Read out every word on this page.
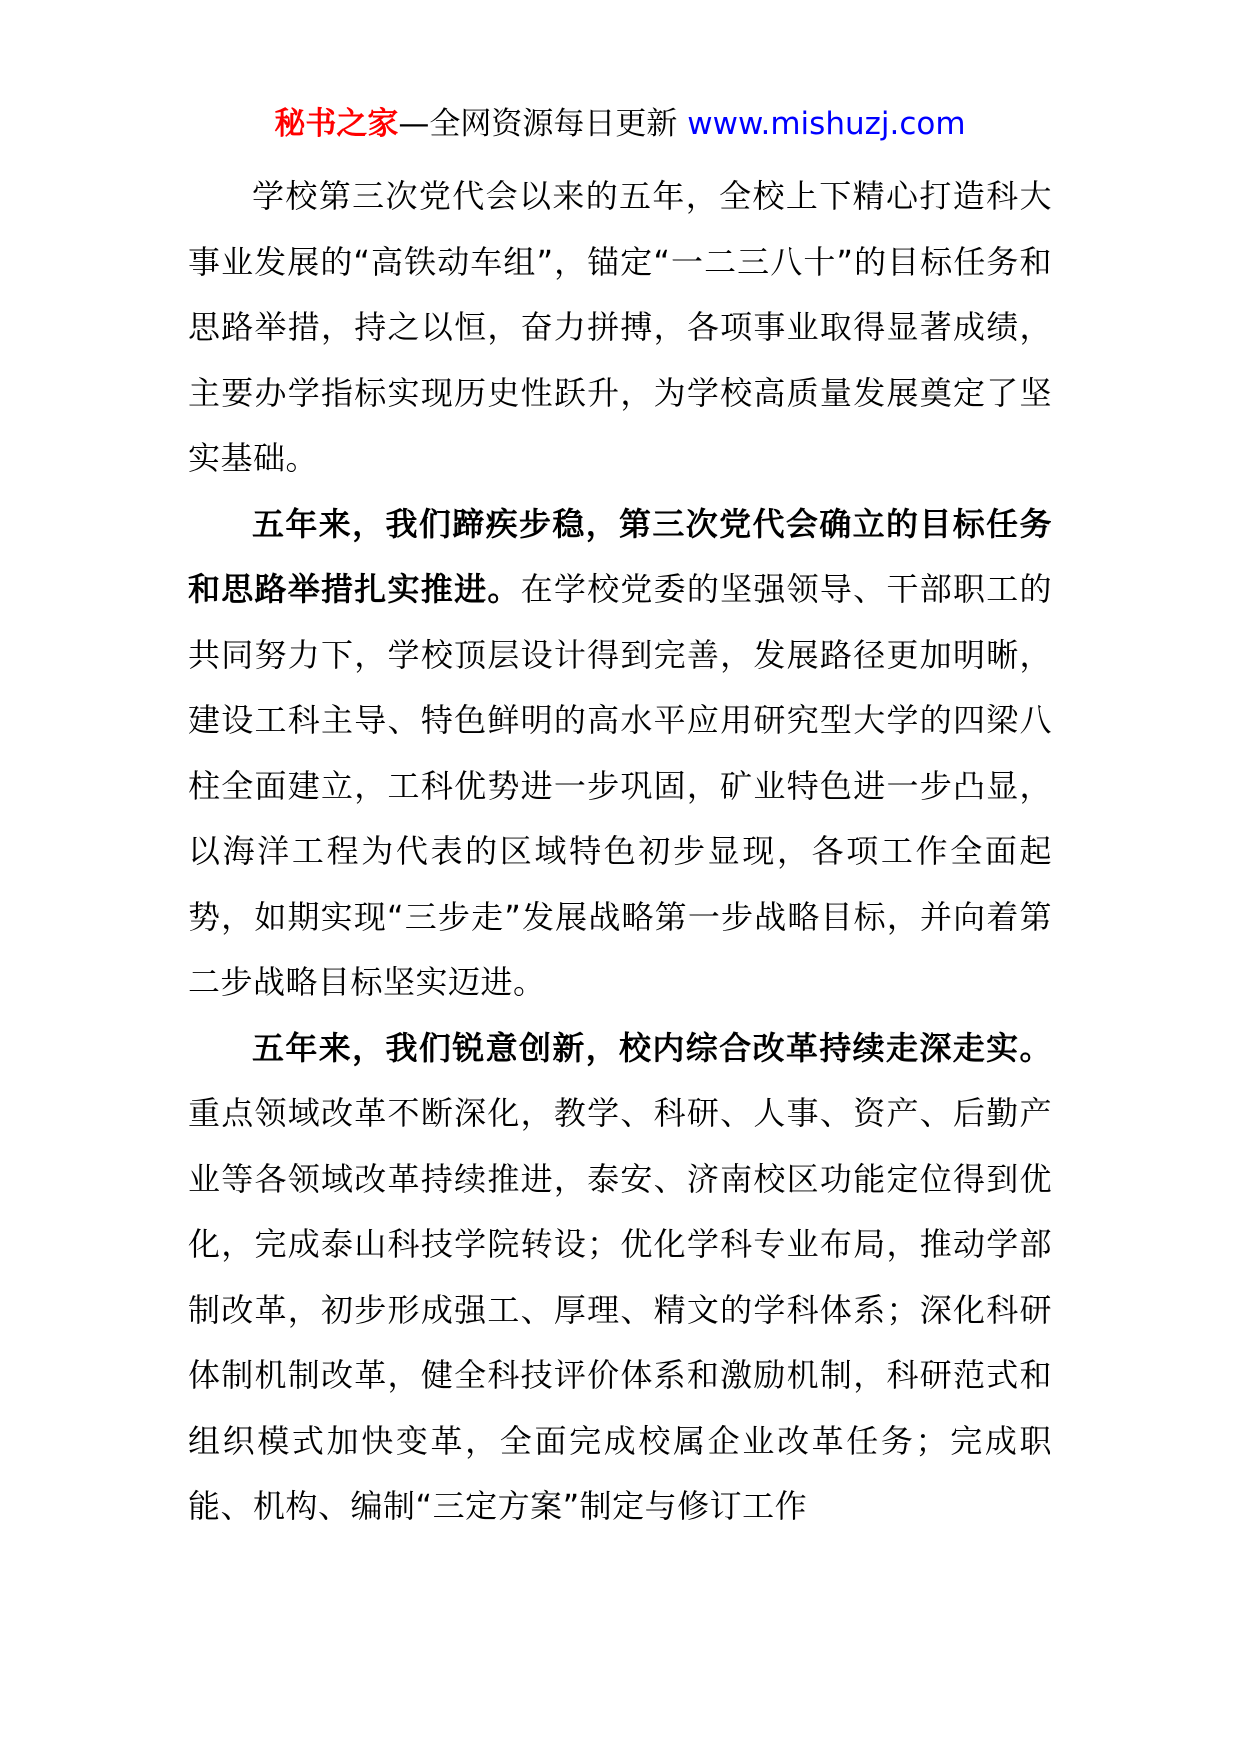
秘书之家—全网资源每日更新 www.mishuzj.com

学校第三次党代会以来的五年，全校上下精心打造科大事业发展的“高铁动车组”，锚定“一二三八十”的目标任务和思路举措，持之以恒，奋力拼搏，各项事业取得显著成绩，主要办学指标实现历史性跃升，为学校高质量发展奠定了坚实基础。

五年来，我们蹄疾步稳，第三次党代会确立的目标任务和思路举措扎实推进。在学校党委的坚强领导、干部职工的共同努力下，学校顶层设计得到完善，发展路径更加明晰，建设工科主导、特色鲜明的高水平应用研究型大学的四梁八柱全面建立，工科优势进一步巩固，矿业特色进一步凸显，以海洋工程为代表的区域特色初步显现，各项工作全面起势，如期实现“三步走”发展战略第一步战略目标，并向着第二步战略目标坚实迈进。

五年来，我们锐意创新，校内综合改革持续走深走实。重点领域改革不断深化，教学、科研、人事、资产、后勤产业等各领域改革持续推进，泰安、济南校区功能定位得到优化，完成泰山科技学院转设；优化学科专业布局，推动学部制改革，初步形成强工、厚理、精文的学科体系；深化科研体制机制改革，健全科技评价体系和激励机制，科研范式和组织模式加快变革，全面完成校属企业改革任务；完成职能、机构、编制“三定方案”制定与修订工作
